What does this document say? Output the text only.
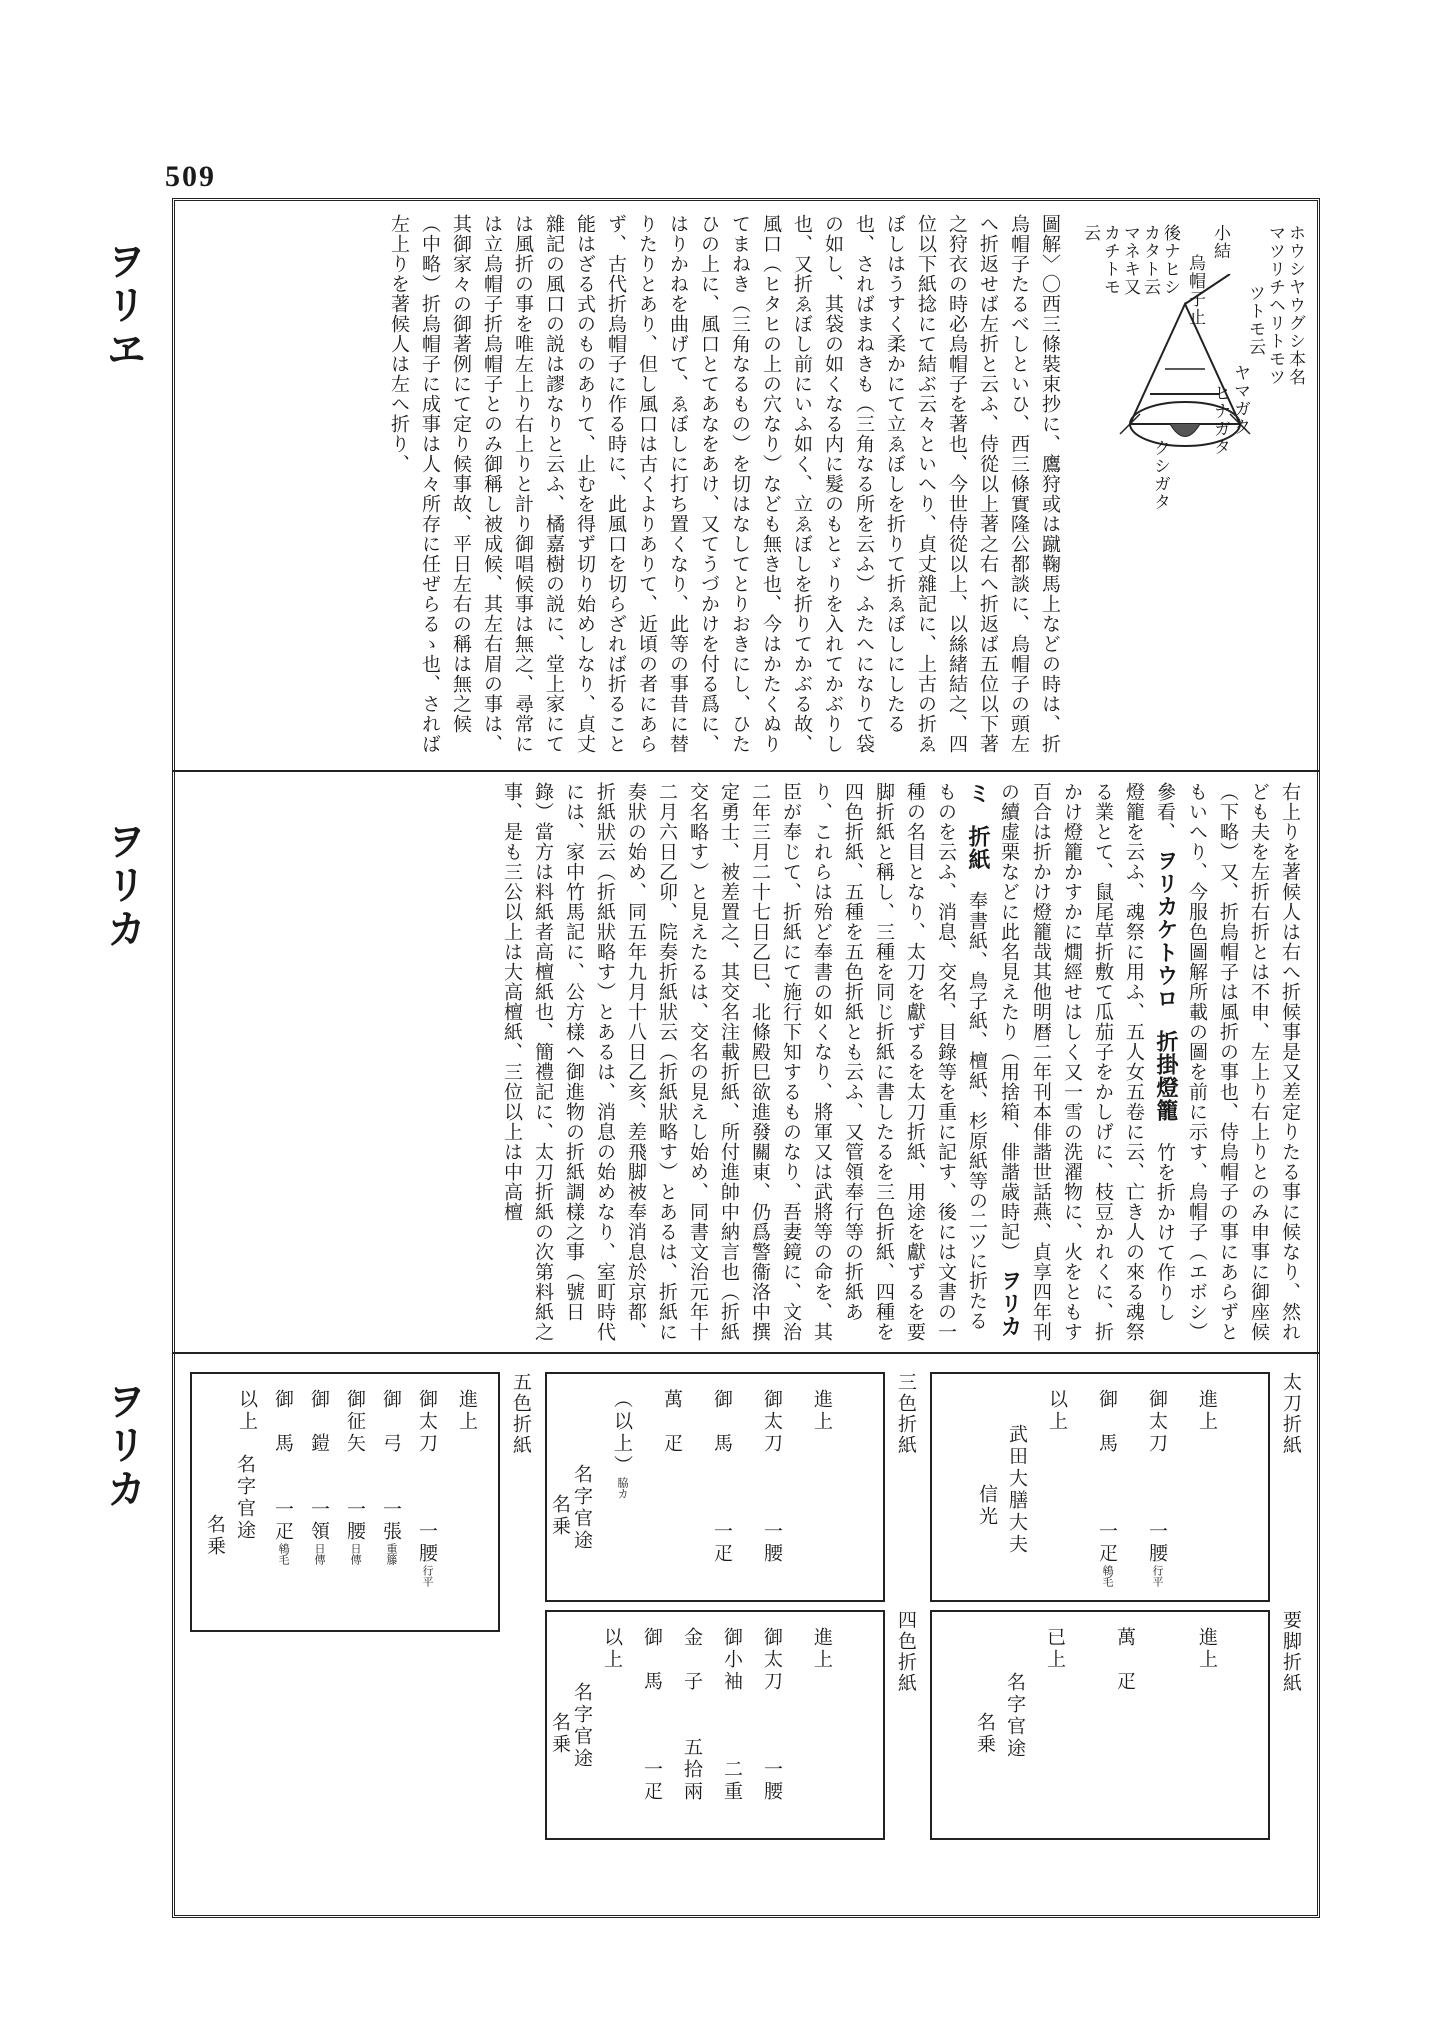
509
ヲリヱ
ヲリカ
ヲリカ
小結
烏帽子止	ホウシヤウグシ本名
マツリチヘリトモツ
ツトモ云
ヤマガタ
ヒナガタ
後ナヒシ
カタト云
マネキ又
カチトモ
云
クシガタ
圖解〉〇西三條裝束抄に、鷹狩或は蹴鞠馬上などの時は、折烏帽子たるべしといひ、西三條實隆公都談に、烏帽子の頭左へ折返せば左折と云ふ、侍從以上著之右へ折返ば五位以下著之狩衣の時必烏帽子を著也、今世侍從以上、以絲緒結之、四位以下紙捻にて結ぶ云々といへり、貞丈雜記に、上古の折ゑぼしはうすく柔かにて立ゑぼしを折りて折ゑぼしにしたる也、さればまねきも（三角なる所を云ふ）ふたへになりて袋の如し、其袋の如くなる内に髮のもとゞりを入れてかぶりし也、又折ゑぼし前にいふ如く、立ゑぼしを折りてかぶる故、風口（ヒタヒの上の穴なり）なども無き也、今はかたくぬりてまねき（三角なるもの）を切はなしてとりおきにし、ひたひの上に、風口とてあなをあけ、又てうづかけを付る爲に、はりかねを曲げて、ゑぼしに打ち置くなり、此等の事昔に替りたりとあり、但し風口は古くよりありて、近頃の者にあらず、古代折烏帽子に作る時に、此風口を切らざれば折ること能はざる式のものありて、止むを得ず切り始めしなり、貞丈雜記の風口の説は謬なりと云ふ、橘嘉樹の説に、堂上家にては風折の事を唯左上り右上りと計り御唱候事は無之、尋常には立烏帽子折烏帽子とのみ御稱し被成候、其左右眉の事は、其御家々の御著例にて定り候事故、平日左右の稱は無之候（中略）折烏帽子に成事は人々所存に任ぜらるゝ也、されば左上りを著候人は左へ折り、
右上りを著候人は右へ折候事是又差定りたる事に候なり、然れども夫を左折右折とは不申、左上り右上りとのみ申事に御座候（下略）又、折烏帽子は風折の事也、侍烏帽子の事にあらずともいへり、今服色圖解所載の圖を前に示す、烏帽子（エボシ）參看、 ヲリカケトウロ　折掛燈籠　竹を折かけて作りし燈籠を云ふ、魂祭に用ふ、五人女五卷に云、亡き人の來る魂祭る業とて、鼠尾草折敷て瓜茄子をかしげに、枝豆かれくに、折かけ燈籠かすかに燗經せはしく又一雪の洗濯物に、火をともす百合は折かけ燈籠哉其他明暦二年刊本俳諧世話燕、貞享四年刊の續虚栗などに此名見えたり（用捨箱、俳諧歳時記） ヲリカミ　折紙　奉書紙、鳥子紙、檀紙、杉原紙等の二ツに折たるものを云ふ、消息、交名、目錄等を重に記す、後には文書の一種の名目となり、太刀を獻ずるを太刀折紙、用途を獻ずるを要脚折紙と稱し、三種を同じ折紙に書したるを三色折紙、四種を四色折紙、五種を五色折紙とも云ふ、又管領奉行等の折紙あり、これらは殆ど奉書の如くなり、將軍又は武將等の命を、其臣が奉じて、折紙にて施行下知するものなり、吾妻鏡に、文治二年三月二十七日乙巳、北條殿巳欲進發關東、仍爲警衞洛中撰定勇士、被差置之、其交名注載折紙、所付進帥中納言也（折紙交名略す）と見えたるは、交名の見えし始め、同書文治元年十二月六日乙卯、院奏折紙狀云（折紙狀略す）とあるは、折紙に奏狀の始め、同五年九月十八日乙亥、差飛脚被奉消息於京都、折紙狀云（折紙狀略す）とあるは、消息の始めなり、室町時代には、家中竹馬記に、公方樣へ御進物の折紙調樣之事（號日錄）當方は料紙者高檀紙也、簡禮記に、太刀折紙の次第料紙之事、是も三公以上は大高檀紙、三位以上は中高檀
太刀折紙
進上
御太刀　　　一腰行平
御　馬　　　一疋鴾毛
以上
武田大膳大夫
信光
要脚折紙
進上
萬　疋
已上
名字官途
名乗
三色折紙
進上
御太刀　　　一腰
御　馬　　　一疋
萬　疋
（以上）脇カ
名字官途
名乗
四色折紙
進上
御太刀　　　一腰
御小袖　　　二重
金　子　　五拾兩
御　馬　　　一疋
以上
名字官途
名乗
五色折紙
進上
御太刀　　　一腰行平
御　弓　　一張重籐
御征矢　　一腰日傳
御　鎧　　一領日傳
御　馬　　一疋鴾毛
以上
名字官途
名乗
